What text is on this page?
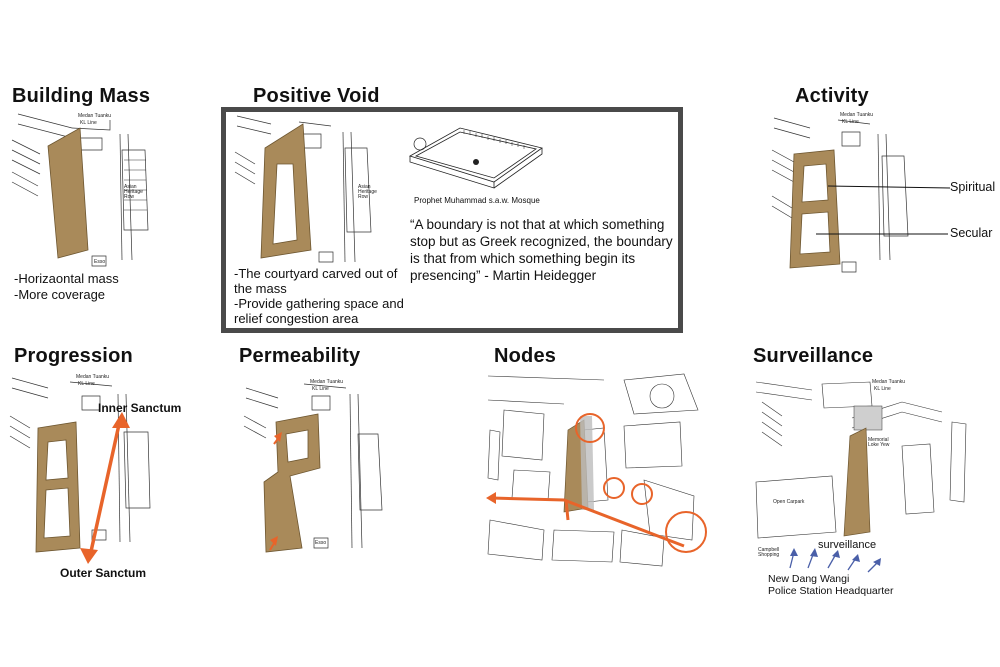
Building Mass	Positive Void	Activity
Progression	Permeability	Nodes	Surveillance
Medan Tuanku
KL Line
Asian Heritage Row
Esso
-Horizaontal mass
-More coverage
Asian Heritage Row
-The courtyard carved out of
the mass
-Provide gathering space and
relief congestion area
Prophet Muhammad s.a.w. Mosque
“A boundary is not that at which something
stop but as Greek recognized, the boundary
is that from which something begin its
presencing” - Martin Heidegger
Medan Tuanku
KL Line
Spiritual
Secular
Medan Tuanku
KL Line
Inner Sanctum
Outer Sanctum
Medan Tuanku
KL Line
Esso
Medan Tuanku
KL Line
Memorial Loke Yew
Open Carpark
Campbell Shopping
surveillance
New Dang Wangi
Police Station Headquarter
